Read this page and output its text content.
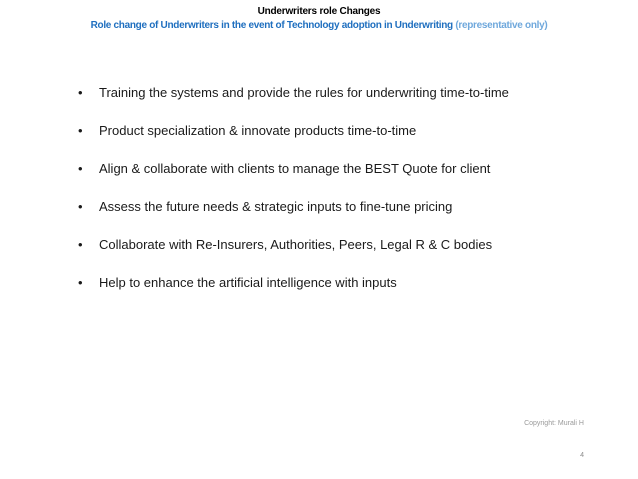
Underwriters role Changes
Role change of Underwriters in the event of Technology adoption in Underwriting (representative only)
• Training the systems and provide the rules for underwriting time-to-time
• Product specialization & innovate products time-to-time
• Align & collaborate with clients to manage the BEST Quote for client
• Assess the future needs & strategic inputs to fine-tune pricing
• Collaborate with Re-Insurers, Authorities, Peers, Legal R & C bodies
• Help to enhance the artificial intelligence with inputs
Copyright: Murali H
4
